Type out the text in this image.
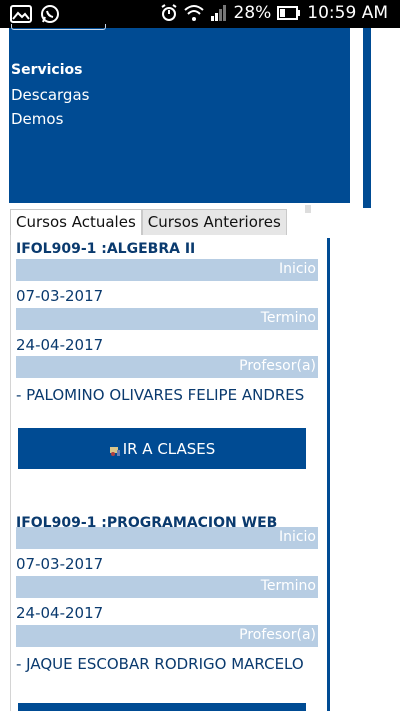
28% 10:59 AM
Servicios
Descargas
Demos
Cursos Actuales Cursos Anteriores
IFOL909-1 :ALGEBRA II
Inicio
07-03-2017
Termino
24-04-2017
Profesor(a)
- PALOMINO OLIVARES FELIPE ANDRES
IR A CLASES
IFOL909-1 :PROGRAMACION WEB
Inicio
07-03-2017
Termino
24-04-2017
Profesor(a)
- JAQUE ESCOBAR RODRIGO MARCELO
